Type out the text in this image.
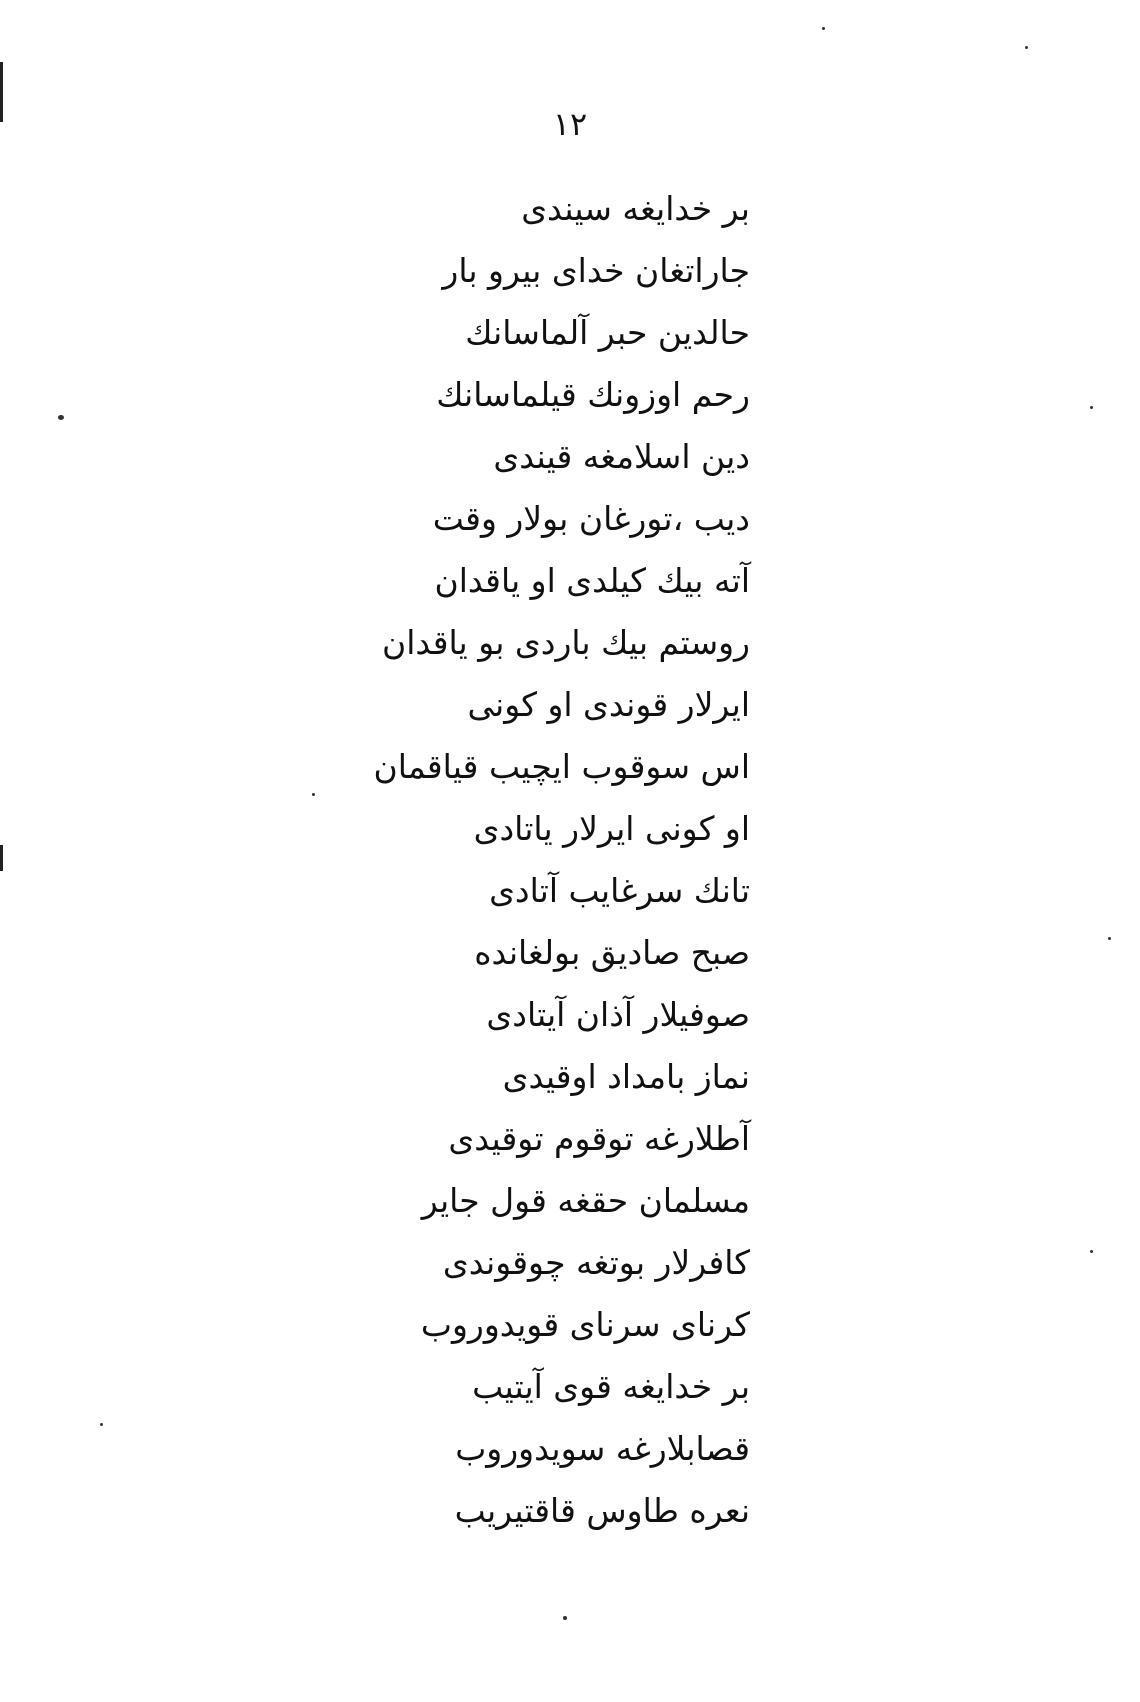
۱۲
بر خدایغه سیندی
جاراتغان خدای بیرو بار
حالدین حبر آلماسانك
رحم اوزونك قیلماسانك
دین اسلامغه قیندی
دیب ،تورغان بولار وقت
آته بیك کیلدی او یاقدان
روستم بیك باردی بو یاقدان
ایرلار قوندی او کونی
اس سوقوب ایچیب قیاقمان
او کونی ایرلار یاتادی
تانك سرغایب آتادی
صبح صادیق بولغانده
صوفیلار آذان آیتادی
نماز بامداد اوقیدی
آطلارغه توقوم توقیدی
مسلمان حقغه قول جایر
کافرلار بوتغه چوقوندی
کرنای سرنای قویدوروب
بر خدایغه قوی آیتیب
قصابلارغه سویدوروب
نعره طاوس قاقتیریب
